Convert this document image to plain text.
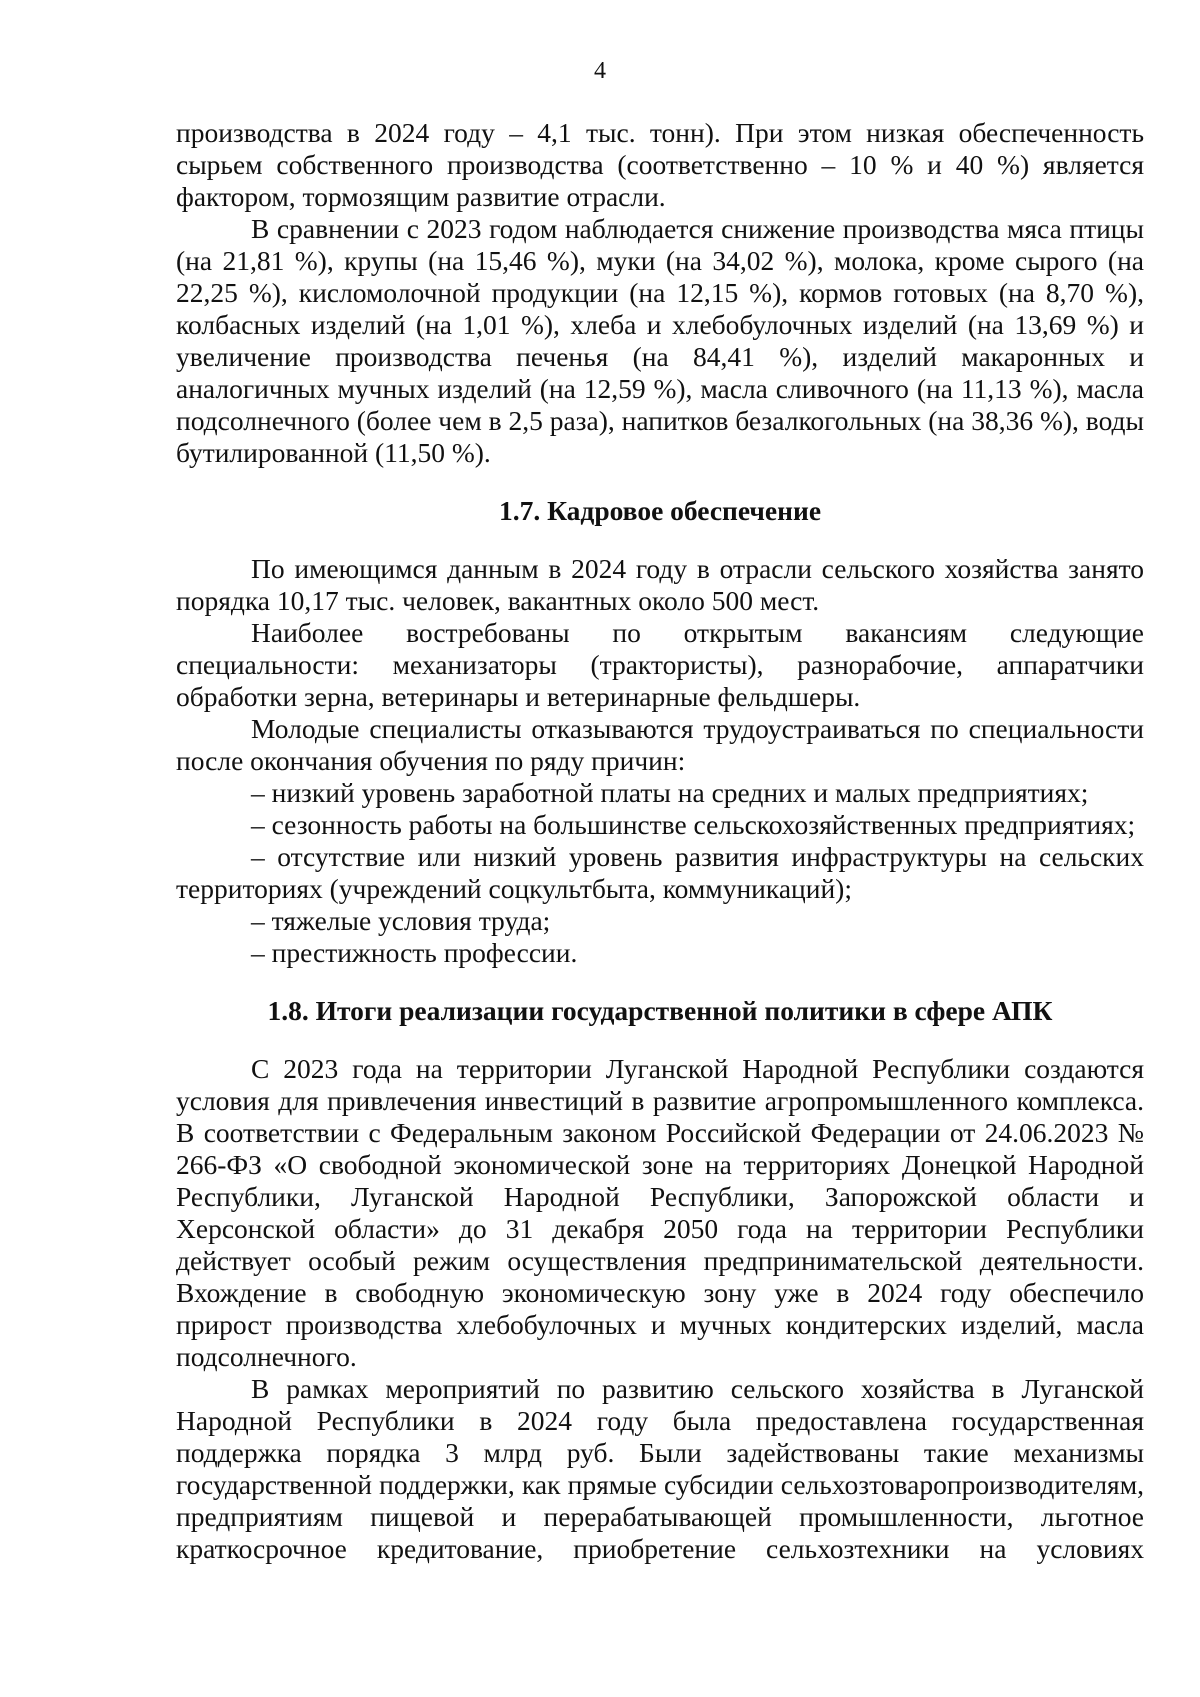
4

производства в 2024 году – 4,1 тыс. тонн). При этом низкая обеспеченность сырьем собственного производства (соответственно – 10 % и 40 %) является фактором, тормозящим развитие отрасли.

В сравнении с 2023 годом наблюдается снижение производства мяса птицы (на 21,81 %), крупы (на 15,46 %), муки (на 34,02 %), молока, кроме сырого (на 22,25 %), кисломолочной продукции (на 12,15 %), кормов готовых (на 8,70 %), колбасных изделий (на 1,01 %), хлеба и хлебобулочных изделий (на 13,69 %) и увеличение производства печенья (на 84,41 %), изделий макаронных и аналогичных мучных изделий (на 12,59 %), масла сливочного (на 11,13 %), масла подсолнечного (более чем в 2,5 раза), напитков безалкогольных (на 38,36 %), воды бутилированной (11,50 %).

1.7. Кадровое обеспечение

По имеющимся данным в 2024 году в отрасли сельского хозяйства занято порядка 10,17 тыс. человек, вакантных около 500 мест.

Наиболее востребованы по открытым вакансиям следующие специальности: механизаторы (трактористы), разнорабочие, аппаратчики обработки зерна, ветеринары и ветеринарные фельдшеры.

Молодые специалисты отказываются трудоустраиваться по специальности после окончания обучения по ряду причин:

– низкий уровень заработной платы на средних и малых предприятиях;

– сезонность работы на большинстве сельскохозяйственных предприятиях;

– отсутствие или низкий уровень развития инфраструктуры на сельских территориях (учреждений соцкультбыта, коммуникаций);

– тяжелые условия труда;

– престижность профессии.

1.8. Итоги реализации государственной политики в сфере АПК

С 2023 года на территории Луганской Народной Республики создаются условия для привлечения инвестиций в развитие агропромышленного комплекса. В соответствии с Федеральным законом Российской Федерации от 24.06.2023 № 266-ФЗ «О свободной экономической зоне на территориях Донецкой Народной Республики, Луганской Народной Республики, Запорожской области и Херсонской области» до 31 декабря 2050 года на территории Республики действует особый режим осуществления предпринимательской деятельности. Вхождение в свободную экономическую зону уже в 2024 году обеспечило прирост производства хлебобулочных и мучных кондитерских изделий, масла подсолнечного.

В рамках мероприятий по развитию сельского хозяйства в Луганской Народной Республики в 2024 году была предоставлена государственная поддержка порядка 3 млрд руб. Были задействованы такие механизмы государственной поддержки, как прямые субсидии сельхозтоваропроизводителям, предприятиям пищевой и перерабатывающей промышленности, льготное краткосрочное кредитование, приобретение сельхозтехники на условиях
